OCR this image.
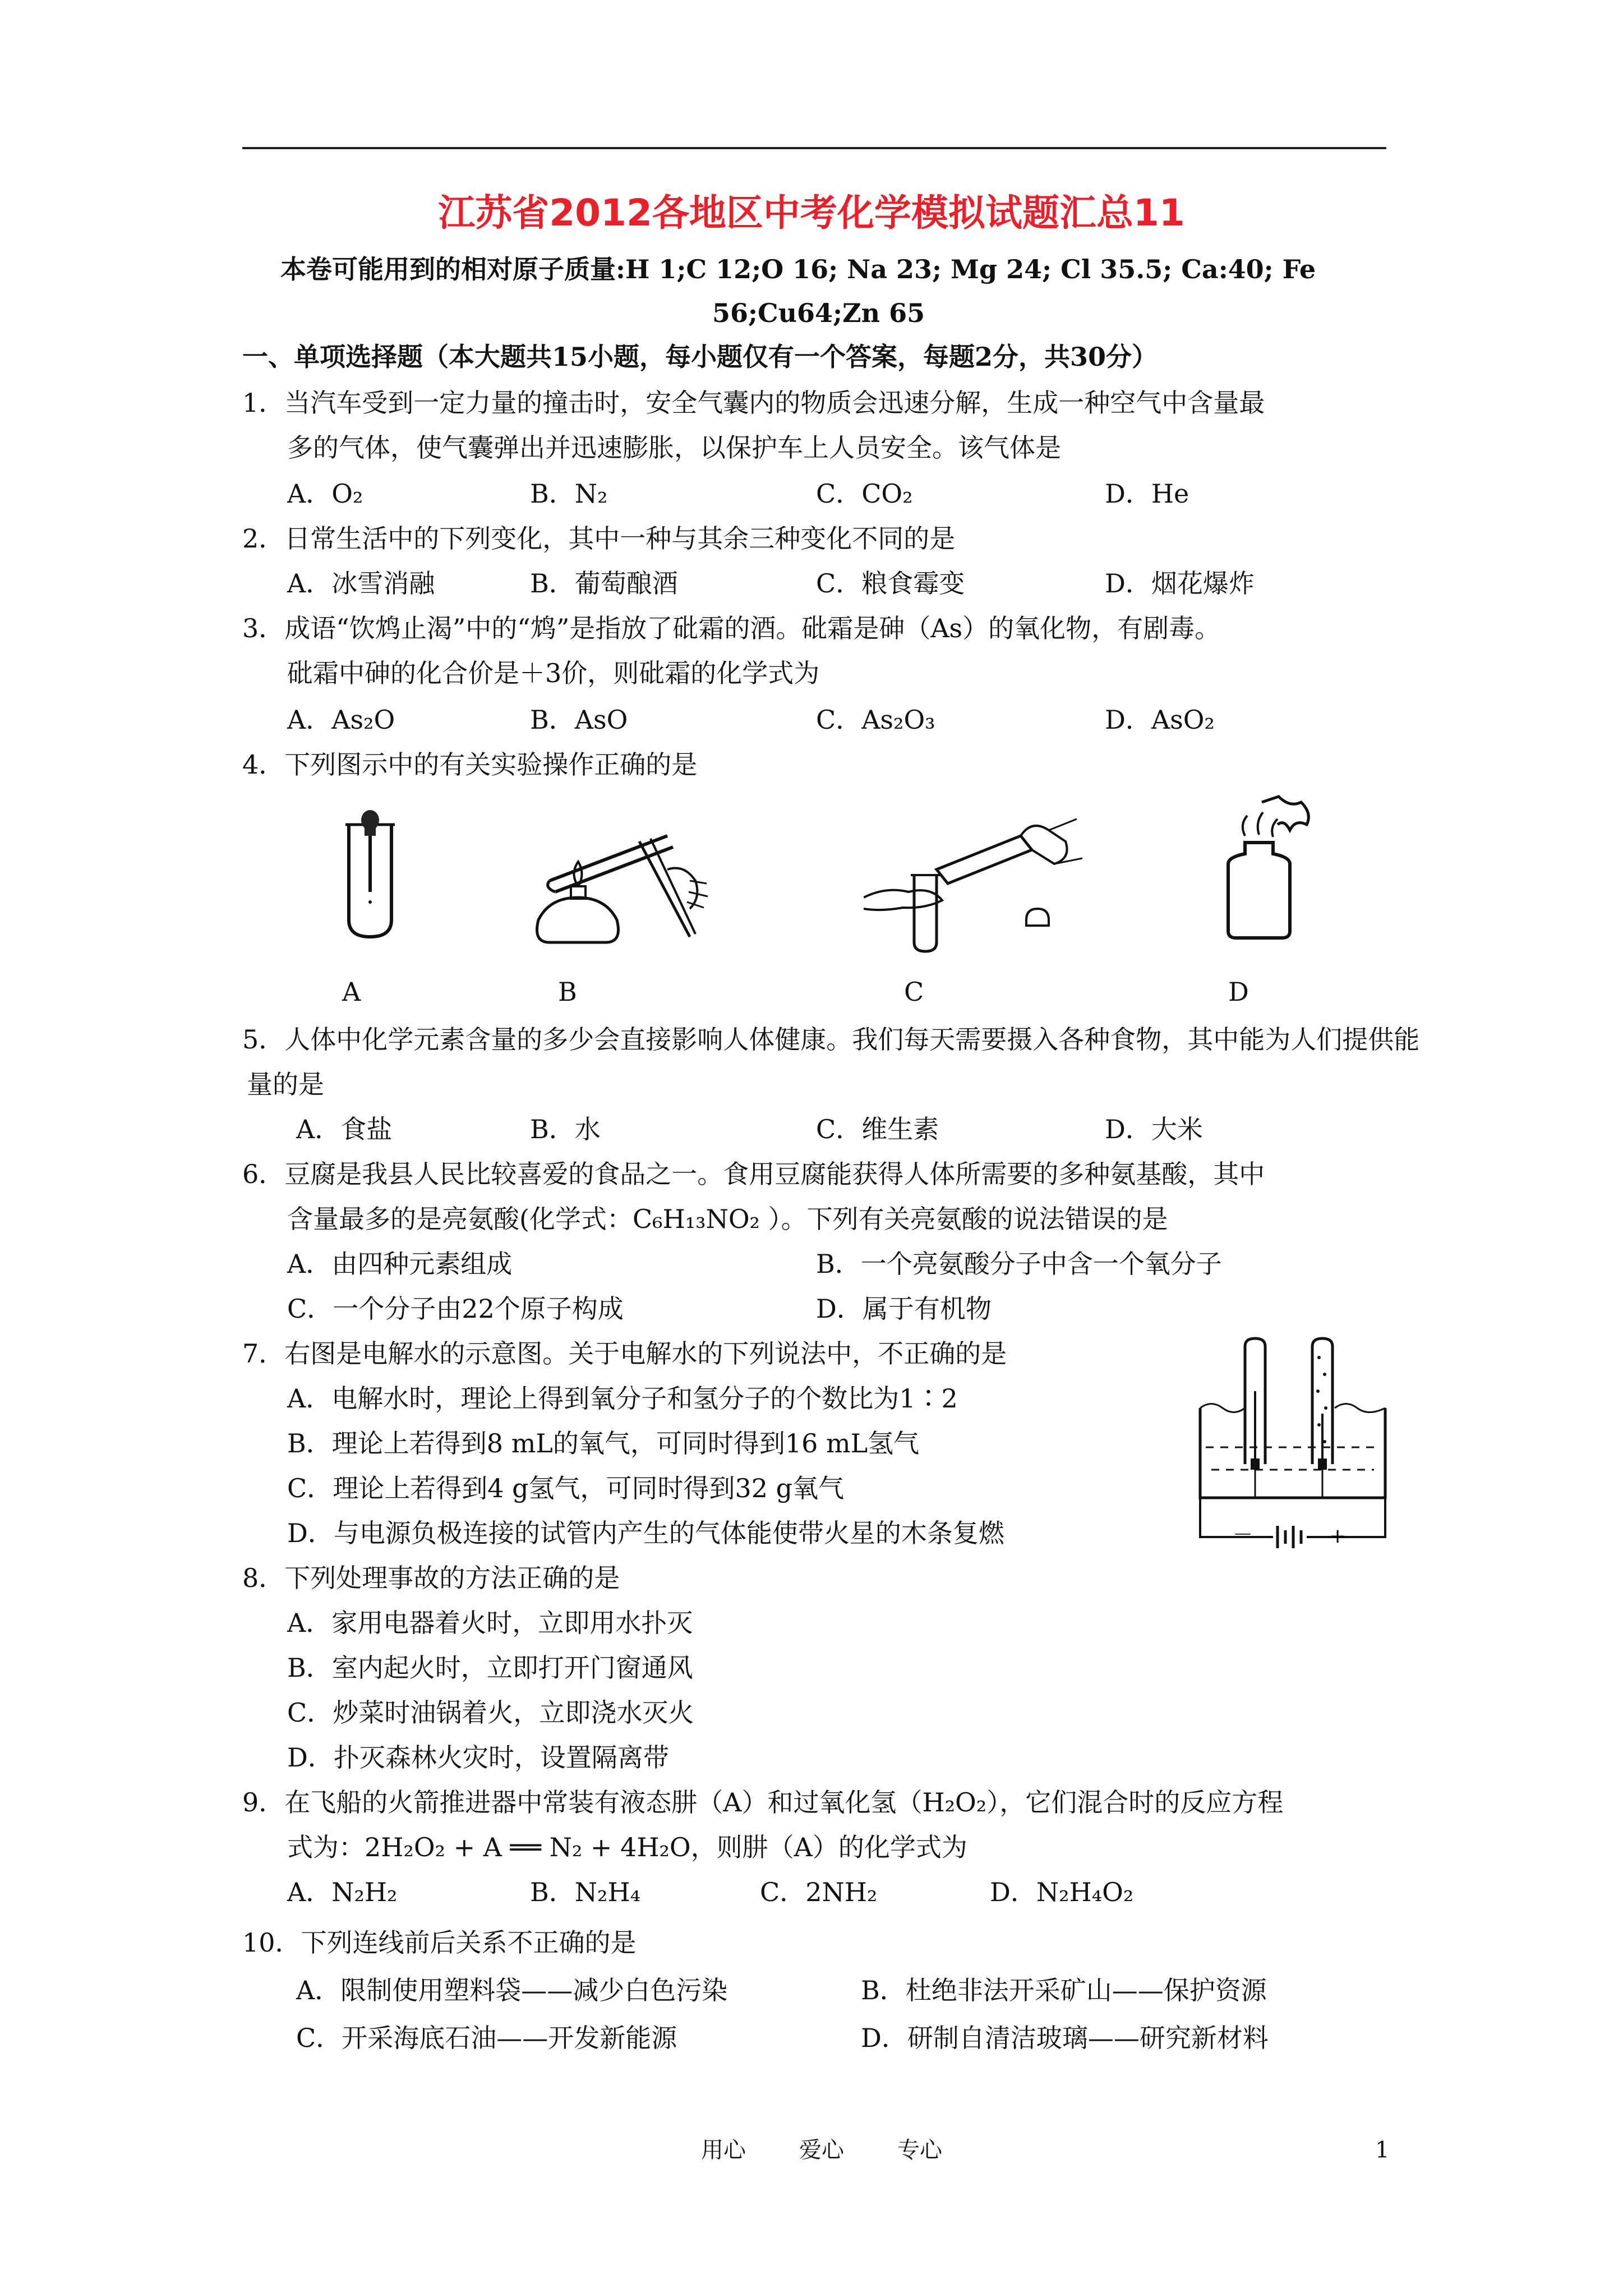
江苏省2012各地区中考化学模拟试题汇总11
本卷可能用到的相对原子质量:H 1;C 12;O 16; Na 23; Mg 24; Cl 35.5; Ca:40; Fe
56;Cu64;Zn 65
一、单项选择题（本大题共15小题，每小题仅有一个答案，每题2分，共30分）
1．当汽车受到一定力量的撞击时，安全气囊内的物质会迅速分解，生成一种空气中含量最
多的气体，使气囊弹出并迅速膨胀，以保护车上人员安全。该气体是
A．O₂	B．N₂	C．CO₂	D．He
2．日常生活中的下列变化，其中一种与其余三种变化不同的是
A．冰雪消融	B．葡萄酿酒	C．粮食霉变	D．烟花爆炸
3．成语“饮鸩止渴”中的“鸩”是指放了砒霜的酒。砒霜是砷（As）的氧化物，有剧毒。
砒霜中砷的化合价是＋3价，则砒霜的化学式为
A．As₂O	B．AsO	C．As₂O₃	D．AsO₂
4．下列图示中的有关实验操作正确的是
A	B	C	D
5．人体中化学元素含量的多少会直接影响人体健康。我们每天需要摄入各种食物，其中能为人们提供能
量的是
A．食盐	B．水	C．维生素	D．大米
6．豆腐是我县人民比较喜爱的食品之一。食用豆腐能获得人体所需要的多种氨基酸，其中
含量最多的是亮氨酸(化学式：C₆H₁₃NO₂ ）。下列有关亮氨酸的说法错误的是
A．由四种元素组成	B．一个亮氨酸分子中含一个氧分子
C．一个分子由22个原子构成	D．属于有机物
7．右图是电解水的示意图。关于电解水的下列说法中，不正确的是
A．电解水时，理论上得到氧分子和氢分子的个数比为1∶2
B．理论上若得到8 mL的氧气，可同时得到16 mL氢气
C．理论上若得到4 g氢气，可同时得到32 g氧气
D．与电源负极连接的试管内产生的气体能使带火星的木条复燃	－	+
8．下列处理事故的方法正确的是
A．家用电器着火时，立即用水扑灭
B．室内起火时，立即打开门窗通风
C．炒菜时油锅着火，立即浇水灭火
D．扑灭森林火灾时，设置隔离带
9．在飞船的火箭推进器中常装有液态肼（A）和过氧化氢（H₂O₂），它们混合时的反应方程
式为：2H₂O₂ + A ══ N₂ + 4H₂O，则肼（A）的化学式为
A．N₂H₂	B．N₂H₄	C．2NH₂	D．N₂H₄O₂
10．下列连线前后关系不正确的是
A．限制使用塑料袋——减少白色污染	B．杜绝非法开采矿山——保护资源
C．开采海底石油——开发新能源	D．研制自清洁玻璃——研究新材料
用心 爱心 专心	1
